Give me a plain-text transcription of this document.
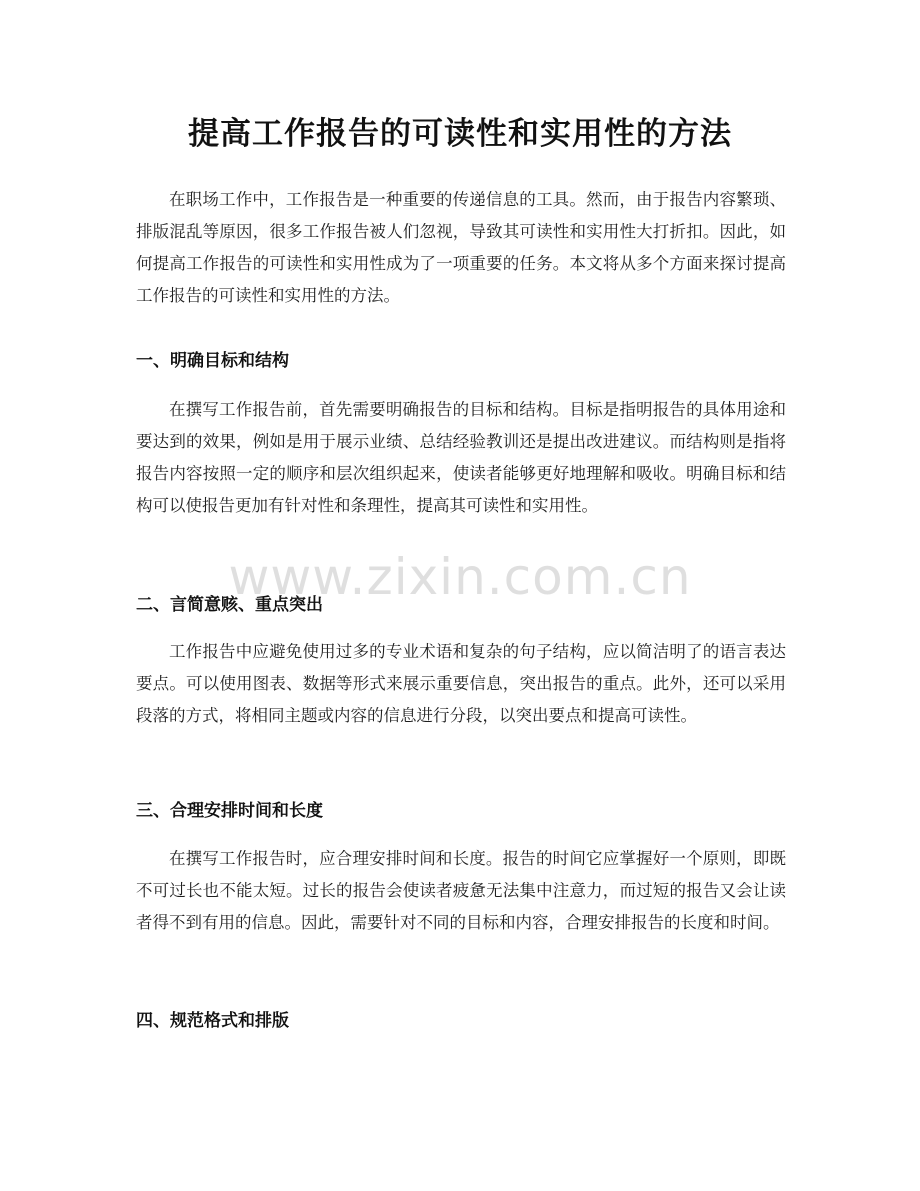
提高工作报告的可读性和实用性的方法

在职场工作中，工作报告是一种重要的传递信息的工具。然而，由于报告内容繁琐、排版混乱等原因，很多工作报告被人们忽视，导致其可读性和实用性大打折扣。因此，如何提高工作报告的可读性和实用性成为了一项重要的任务。本文将从多个方面来探讨提高工作报告的可读性和实用性的方法。

一、明确目标和结构

在撰写工作报告前，首先需要明确报告的目标和结构。目标是指明报告的具体用途和要达到的效果，例如是用于展示业绩、总结经验教训还是提出改进建议。而结构则是指将报告内容按照一定的顺序和层次组织起来，使读者能够更好地理解和吸收。明确目标和结构可以使报告更加有针对性和条理性，提高其可读性和实用性。

二、言简意赅、重点突出

工作报告中应避免使用过多的专业术语和复杂的句子结构，应以简洁明了的语言表达要点。可以使用图表、数据等形式来展示重要信息，突出报告的重点。此外，还可以采用段落的方式，将相同主题或内容的信息进行分段，以突出要点和提高可读性。

三、合理安排时间和长度

在撰写工作报告时，应合理安排时间和长度。报告的时间它应掌握好一个原则，即既不可过长也不能太短。过长的报告会使读者疲惫无法集中注意力，而过短的报告又会让读者得不到有用的信息。因此，需要针对不同的目标和内容，合理安排报告的长度和时间。

四、规范格式和排版
www.zixin.com.cn
